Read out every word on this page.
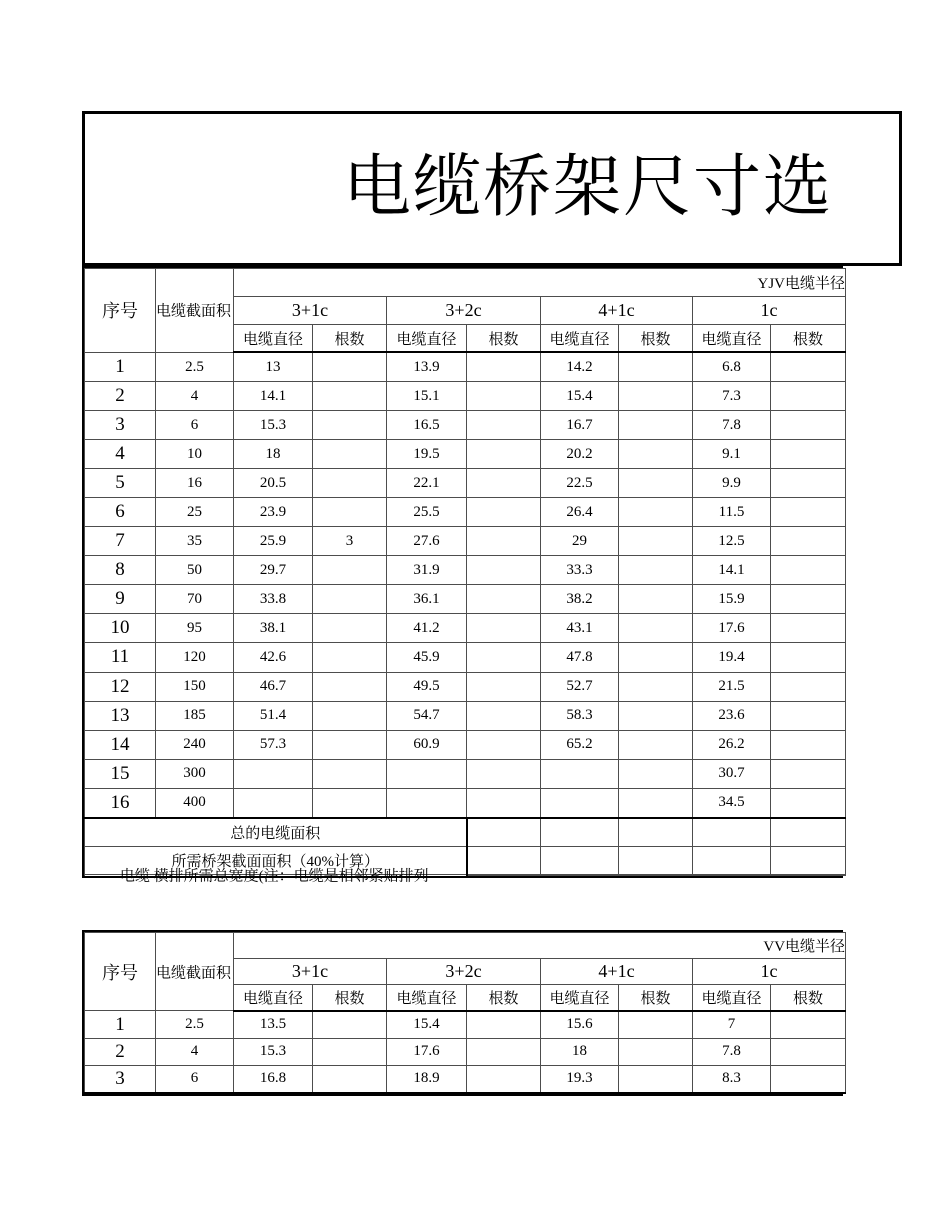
电缆桥架尺寸选
序号	电缆截面积	YJV电缆半径							
		3+1c		3+2c		4+1c		1c	
		电缆直径	根数	电缆直径	根数	电缆直径	根数	电缆直径	根数
1	2.5	13		13.9		14.2		6.8	
2	4	14.1		15.1		15.4		7.3	
3	6	15.3		16.5		16.7		7.8	
4	10	18		19.5		20.2		9.1	
5	16	20.5		22.1		22.5		9.9	
6	25	23.9		25.5		26.4		11.5	
7	35	25.9	3	27.6		29		12.5	
8	50	29.7		31.9		33.3		14.1	
9	70	33.8		36.1		38.2		15.9	
10	95	38.1		41.2		43.1		17.6	
11	120	42.6		45.9		47.8		19.4	
12	150	46.7		49.5		52.7		21.5	
13	185	51.4		54.7		58.3		23.6	
14	240	57.3		60.9		65.2		26.2	
15	300							30.7	
16	400							34.5	
总的电缆面积									
所需桥架截面面积（40%计算）									

电缆 横排所需总宽度(注：电缆是相邻紧贴排列									

序号	电缆截面积	VV电缆半径							
		3+1c		3+2c		4+1c		1c	
		电缆直径	根数	电缆直径	根数	电缆直径	根数	电缆直径	根数
1	2.5	13.5		15.4		15.6		7	
2	4	15.3		17.6		18		7.8	
3	6	16.8		18.9		19.3		8.3	
